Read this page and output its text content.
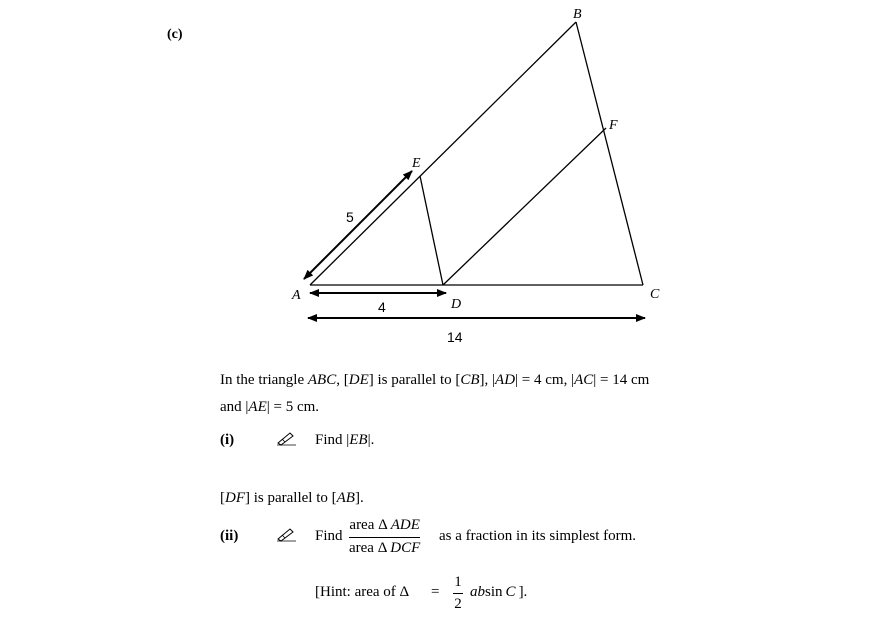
(c)
B
F
E
A
D
C
5
4
14
In the triangle ABC, [DE] is parallel to [CB], |AD| = 4 cm, |AC| = 14 cm
and |AE| = 5 cm.
(i)	Find |EB|.
[DF] is parallel to [AB].
(ii)	Find
area Δ ADE
area Δ DCF
as a fraction in its simplest form.
[Hint: area of Δ =
1
2
absin  C  ].
